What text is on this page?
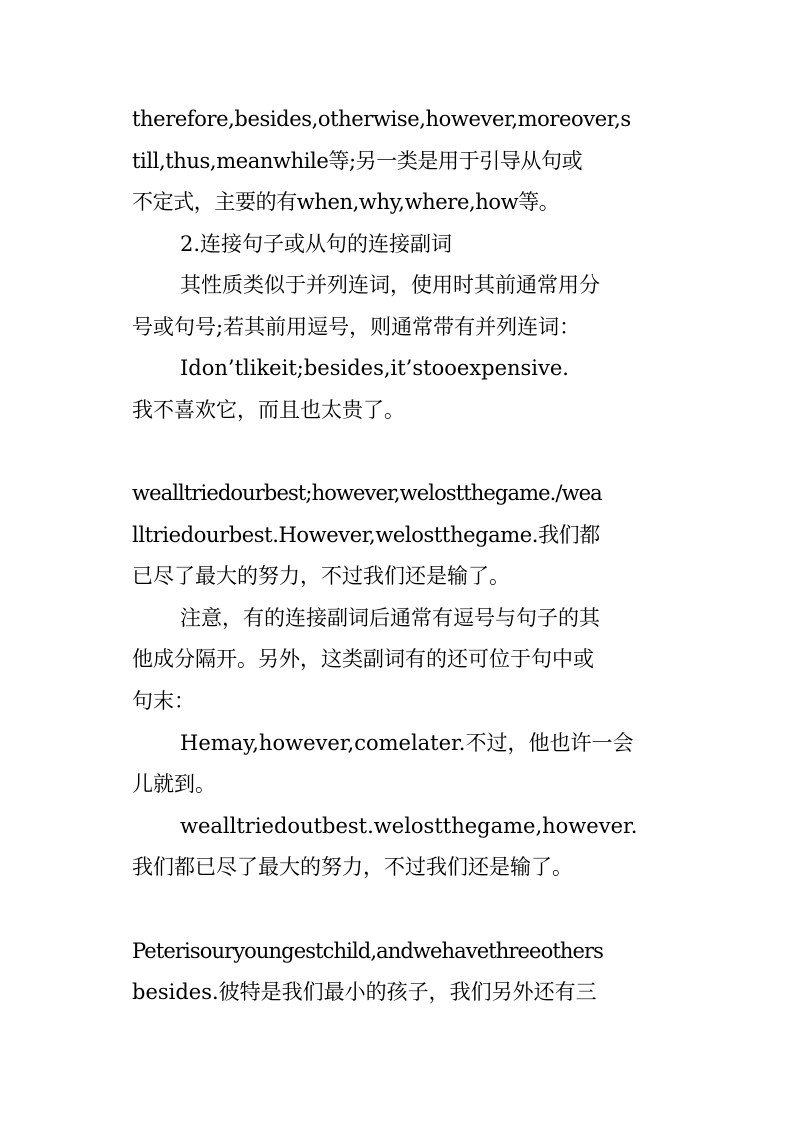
therefore,besides,otherwise,however,moreover,s
till,thus,meanwhile等;另一类是用于引导从句或
不定式，主要的有when,why,where,how等。
2.连接句子或从句的连接副词
其性质类似于并列连词，使用时其前通常用分
号或句号;若其前用逗号，则通常带有并列连词：
Idon’tlikeit;besides,it’stooexpensive.
我不喜欢它，而且也太贵了。
wealltriedourbest;however,welostthegame./wea
lltriedourbest.However,welostthegame.我们都
已尽了最大的努力，不过我们还是输了。
注意，有的连接副词后通常有逗号与句子的其
他成分隔开。另外，这类副词有的还可位于句中或
句末：
Hemay,however,comelater.不过，他也许一会
儿就到。
wealltriedoutbest.welostthegame,however.
我们都已尽了最大的努力，不过我们还是输了。
Peterisouryoungestchild,andwehavethreeothers
besides.彼特是我们最小的孩子，我们另外还有三
